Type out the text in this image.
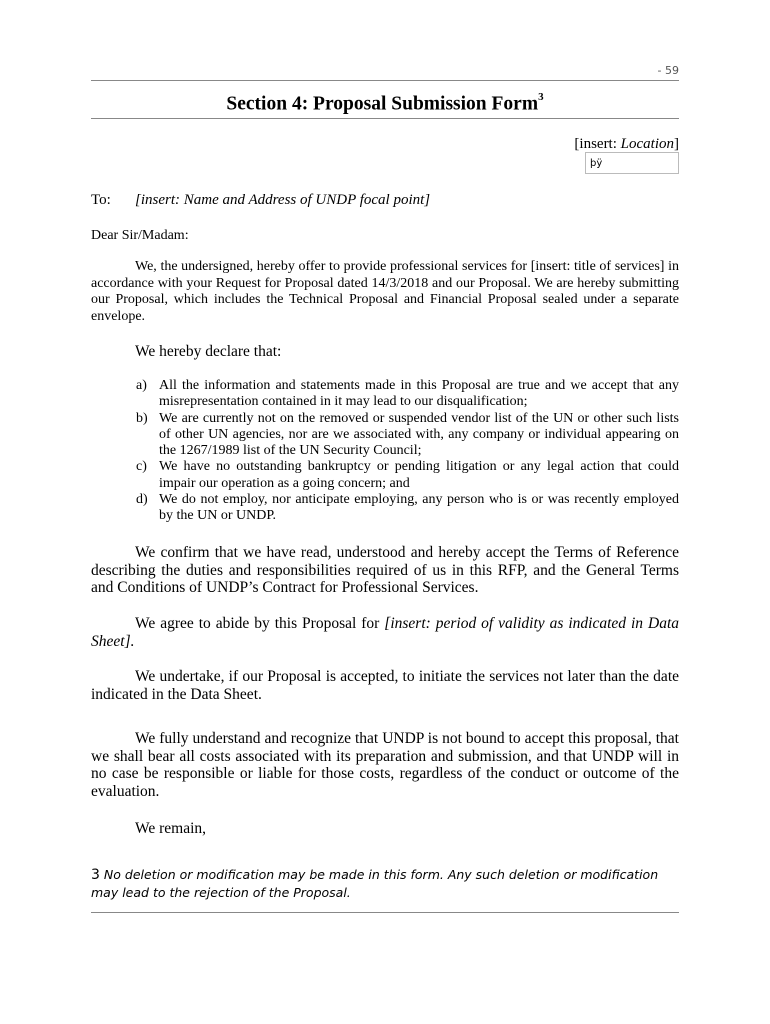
- 59
Section 4: Proposal Submission Form$^3$
[insert: Location]
þÿ
To: [insert: Name and Address of UNDP focal point]
Dear Sir/Madam:

We, the undersigned, hereby offer to provide professional services for [insert: title of services] in accordance with your Request for Proposal dated 14/3/2018 and our Proposal. We are hereby submitting our Proposal, which includes the Technical Proposal and Financial Proposal sealed under a separate envelope.

We hereby declare that:
a) All the information and statements made in this Proposal are true and we accept that any misrepresentation contained in it may lead to our disqualification;
b) We are currently not on the removed or suspended vendor list of the UN or other such lists of other UN agencies, nor are we associated with, any company or individual appearing on the 1267/1989 list of the UN Security Council;
c) We have no outstanding bankruptcy or pending litigation or any legal action that could impair our operation as a going concern; and
d) We do not employ, nor anticipate employing, any person who is or was recently employed by the UN or UNDP.

We confirm that we have read, understood and hereby accept the Terms of Reference describing the duties and responsibilities required of us in this RFP, and the General Terms and Conditions of UNDP’s Contract for Professional Services.

We agree to abide by this Proposal for [insert: period of validity as indicated in Data Sheet].

We undertake, if our Proposal is accepted, to initiate the services not later than the date indicated in the Data Sheet.

We fully understand and recognize that UNDP is not bound to accept this proposal, that we shall bear all costs associated with its preparation and submission, and that UNDP will in no case be responsible or liable for those costs, regardless of the conduct or outcome of the evaluation.

We remain,
3 No deletion or modification may be made in this form. Any such deletion or modification may lead to the rejection of the Proposal.
